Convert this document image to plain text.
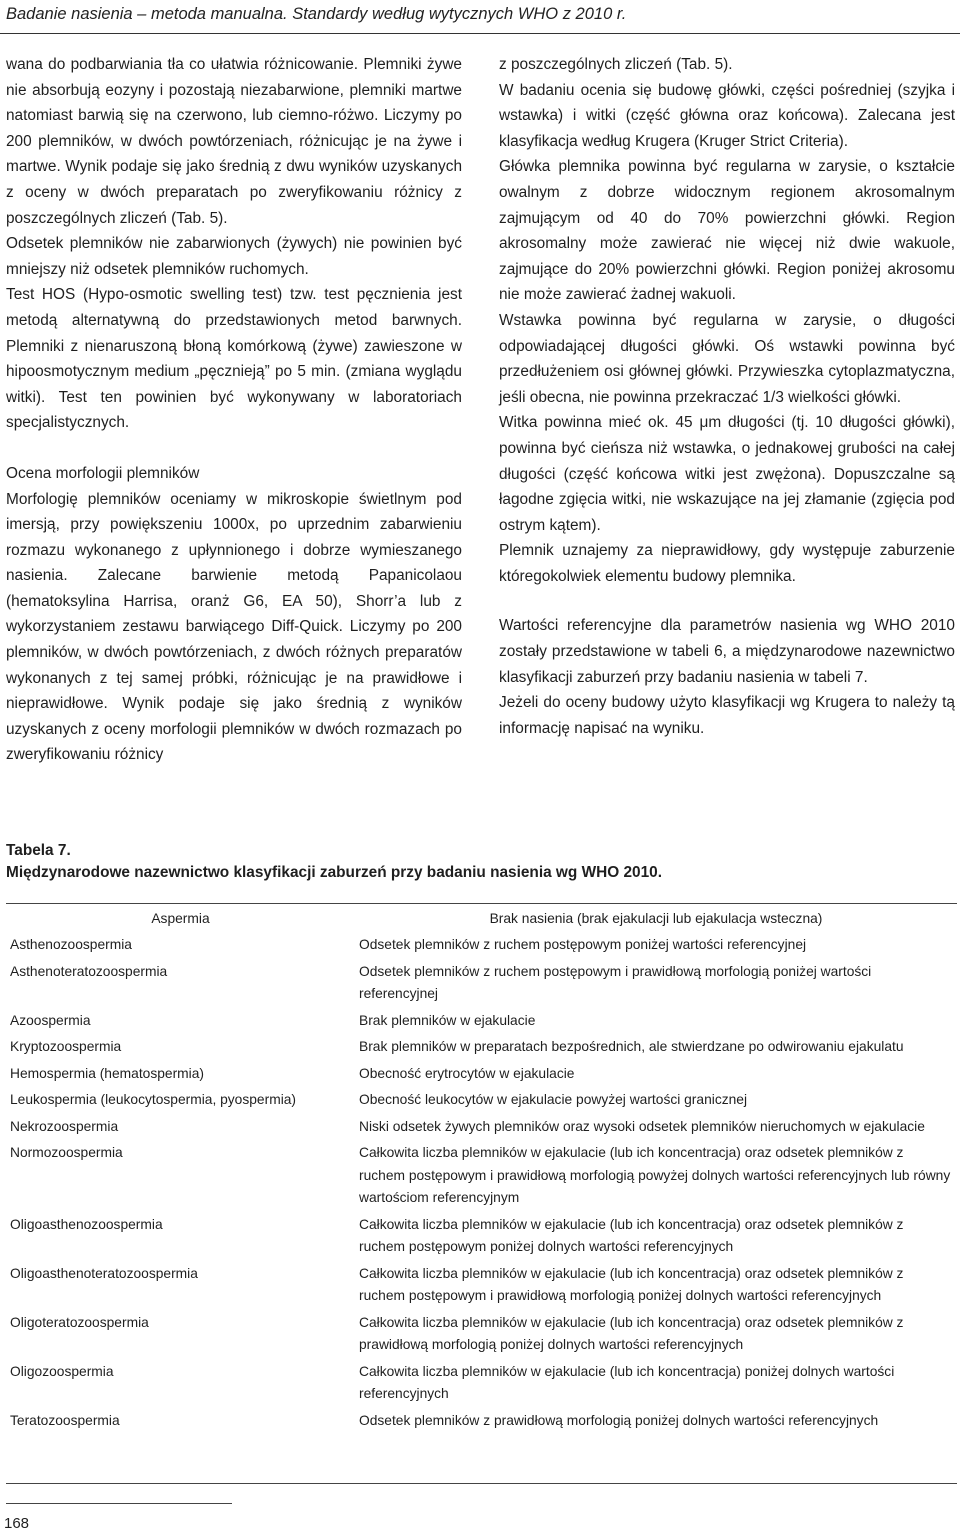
Badanie nasienia – metoda manualna. Standardy według wytycznych WHO z 2010 r.

wana do podbarwiania tła co ułatwia różnicowanie. Plemniki żywe nie absorbują eozyny i pozostają niezabarwione, plemniki martwe natomiast barwią się na czerwono, lub ciemno-różwo. Liczymy po 200 plemników, w dwóch powtórzeniach, różnicując je na żywe i martwe. Wynik podaje się jako średnią z dwu wyników uzyskanych z oceny w dwóch preparatach po zweryfikowaniu różnicy z poszczególnych zliczeń (Tab. 5).

Odsetek plemników nie zabarwionych (żywych) nie powinien być mniejszy niż odsetek plemników ruchomych.

Test HOS (Hypo-osmotic swelling test) tzw. test pęcznienia jest metodą alternatywną do przedstawionych metod barwnych. Plemniki z nienaruszoną błoną komórkową (żywe) zawieszone w hipoosmotycznym medium „pęcznieją” po 5 min. (zmiana wyglądu witki). Test ten powinien być wykonywany w laboratoriach specjalistycznych.

Ocena morfologii plemników

Morfologię plemników oceniamy w mikroskopie świetlnym pod imersją, przy powiększeniu 1000x, po uprzednim zabarwieniu rozmazu wykonanego z upłynnionego i dobrze wymieszanego nasienia. Zalecane barwienie metodą Papanicolaou (hematoksylina Harrisa, oranż G6, EA 50), Shorr’a lub z wykorzystaniem zestawu barwiącego Diff-Quick. Liczymy po 200 plemników, w dwóch powtórzeniach, z dwóch różnych preparatów wykonanych z tej samej próbki, różnicując je na prawidłowe i nieprawidłowe. Wynik podaje się jako średnią z wyników uzyskanych z oceny morfologii plemników w dwóch rozmazach po zweryfikowaniu różnicy

z poszczególnych zliczeń (Tab. 5).

W badaniu ocenia się budowę główki, części pośredniej (szyjka i wstawka) i witki (część główna oraz końcowa). Zalecana jest klasyfikacja według Krugera (Kruger Strict Criteria).

Główka plemnika powinna być regularna w zarysie, o kształcie owalnym z dobrze widocznym regionem akrosomalnym zajmującym od 40 do 70% powierzchni główki. Region akrosomalny może zawierać nie więcej niż dwie wakuole, zajmujące do 20% powierzchni główki. Region poniżej akrosomu nie może zawierać żadnej wakuoli.

Wstawka powinna być regularna w zarysie, o długości odpowiadającej długości główki. Oś wstawki powinna być przedłużeniem osi głównej główki. Przywieszka cytoplazmatyczna, jeśli obecna, nie powinna przekraczać 1/3 wielkości główki.

Witka powinna mieć ok. 45 μm długości (tj. 10 długości główki), powinna być cieńsza niż wstawka, o jednakowej grubości na całej długości (część końcowa witki jest zwężona). Dopuszczalne są łagodne zgięcia witki, nie wskazujące na jej złamanie (zgięcia pod ostrym kątem).

Plemnik uznajemy za nieprawidłowy, gdy występuje zaburzenie któregokolwiek elementu budowy plemnika.

Wartości referencyjne dla parametrów nasienia wg WHO 2010 zostały przedstawione w tabeli 6, a międzynarodowe nazewnictwo klasyfikacji zaburzeń przy badaniu nasienia w tabeli 7.

Jeżeli do oceny budowy użyto klasyfikacji wg Krugera to należy tą informację napisać na wyniku.

Tabela 7.
Międzynarodowe nazewnictwo klasyfikacji zaburzeń przy badaniu nasienia wg WHO 2010.
Aspermia	Brak nasienia (brak ejakulacji lub ejakulacja wsteczna)
Asthenozoospermia	Odsetek plemników z ruchem postępowym poniżej wartości referencyjnej
Asthenoteratozoospermia	Odsetek plemników z ruchem postępowym i prawidłową morfologią poniżej wartości referencyjnej
Azoospermia	Brak plemników w ejakulacie
Kryptozoospermia	Brak plemników w preparatach bezpośrednich, ale stwierdzane po odwirowaniu ejakulatu
Hemospermia (hematospermia)	Obecność erytrocytów w ejakulacie
Leukospermia (leukocytospermia, pyospermia)	Obecność leukocytów w ejakulacie powyżej wartości granicznej
Nekrozoospermia	Niski odsetek żywych plemników oraz wysoki odsetek plemników nieruchomych w ejakulacie
Normozoospermia	Całkowita liczba plemników w ejakulacie (lub ich koncentracja) oraz odsetek plemników z ruchem postępowym i prawidłową morfologią powyżej dolnych wartości referencyjnych lub równy wartościom referencyjnym
Oligoasthenozoospermia	Całkowita liczba plemników w ejakulacie (lub ich koncentracja) oraz odsetek plemników z ruchem postępowym poniżej dolnych wartości referencyjnych
Oligoasthenoteratozoospermia	Całkowita liczba plemników w ejakulacie (lub ich koncentracja) oraz odsetek plemników z ruchem postępowym i prawidłową morfologią poniżej dolnych wartości referencyjnych
Oligoteratozoospermia	Całkowita liczba plemników w ejakulacie (lub ich koncentracja) oraz odsetek plemników z prawidłową morfologią poniżej dolnych wartości referencyjnych
Oligozoospermia	Całkowita liczba plemników w ejakulacie (lub ich koncentracja) poniżej dolnych wartości referencyjnych
Teratozoospermia	Odsetek plemników z prawidłową morfologią poniżej dolnych wartości referencyjnych
168
